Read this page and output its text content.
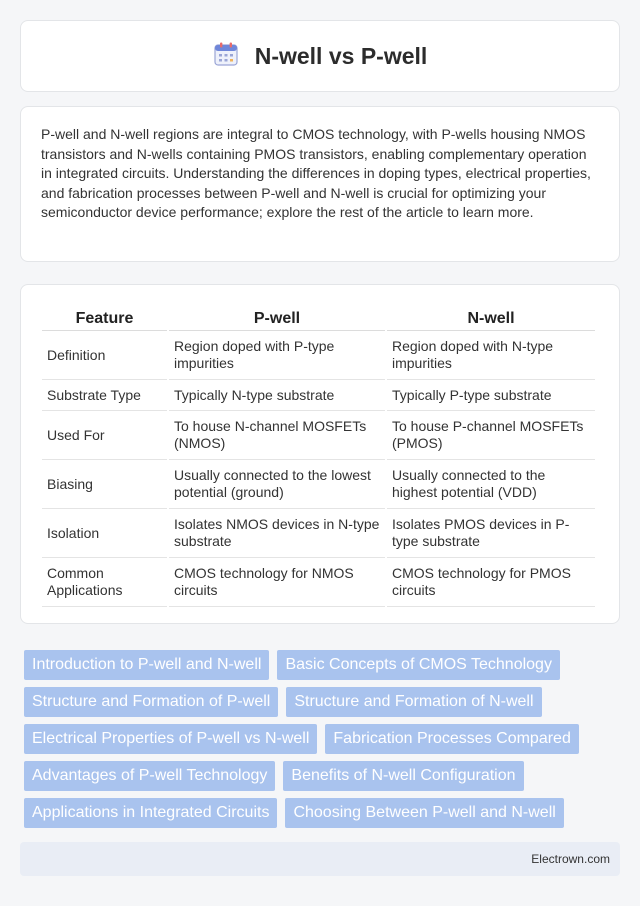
N-well vs P-well

P-well and N-well regions are integral to CMOS technology, with P-wells housing NMOS transistors and N-wells containing PMOS transistors, enabling complementary operation in integrated circuits. Understanding the differences in doping types, electrical properties, and fabrication processes between P-well and N-well is crucial for optimizing your semiconductor device performance; explore the rest of the article to learn more.

Feature	P-well	N-well
Definition	Region doped with P-type impurities	Region doped with N-type impurities
Substrate Type	Typically N-type substrate	Typically P-type substrate
Used For	To house N-channel MOSFETs (NMOS)	To house P-channel MOSFETs (PMOS)
Biasing	Usually connected to the lowest potential (ground)	Usually connected to the highest potential (VDD)
Isolation	Isolates NMOS devices in N-type substrate	Isolates PMOS devices in P-type substrate
Common Applications	CMOS technology for NMOS circuits	CMOS technology for PMOS circuits
Introduction to P-well and N-well	Basic Concepts of CMOS Technology
Structure and Formation of P-well	Structure and Formation of N-well
Electrical Properties of P-well vs N-well	Fabrication Processes Compared
Advantages of P-well Technology	Benefits of N-well Configuration
Applications in Integrated Circuits	Choosing Between P-well and N-well
Electrown.com
